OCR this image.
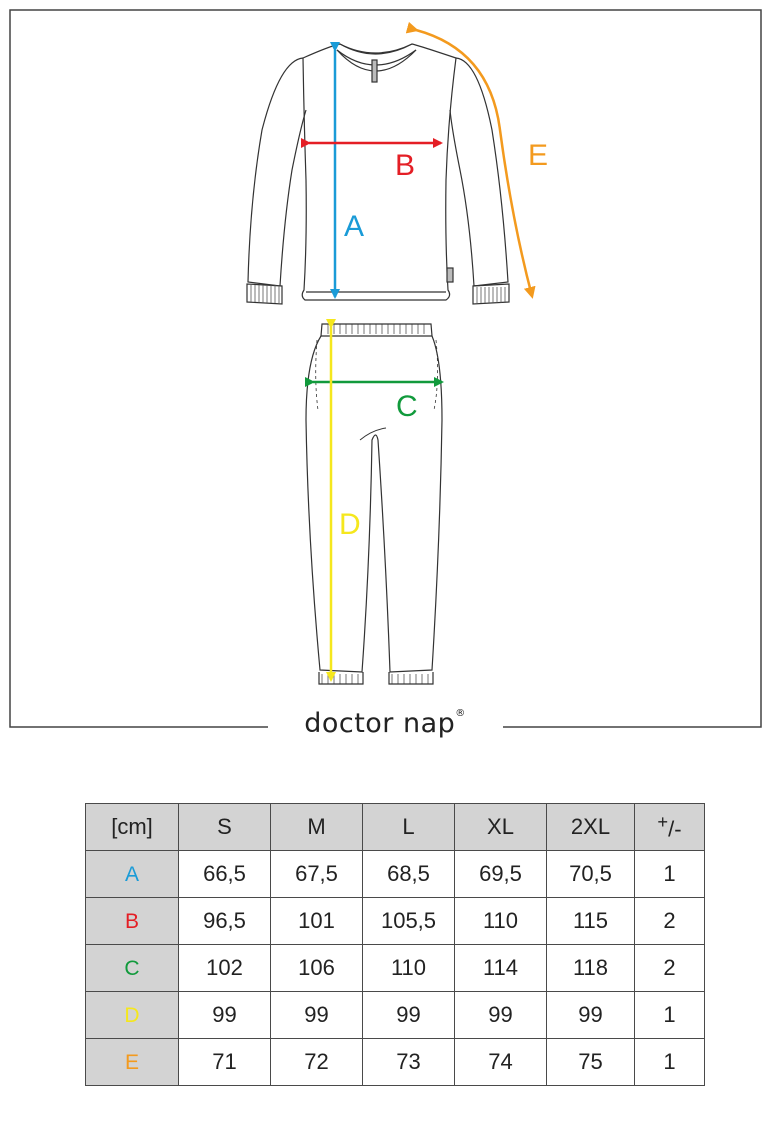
A
B
C
D
E
doctor nap®
[cm]	S	M	L	XL	2XL	+/-
A	66,5	67,5	68,5	69,5	70,5	1
B	96,5	101	105,5	110	115	2
C	102	106	110	114	118	2
D	99	99	99	99	99	1
E	71	72	73	74	75	1
